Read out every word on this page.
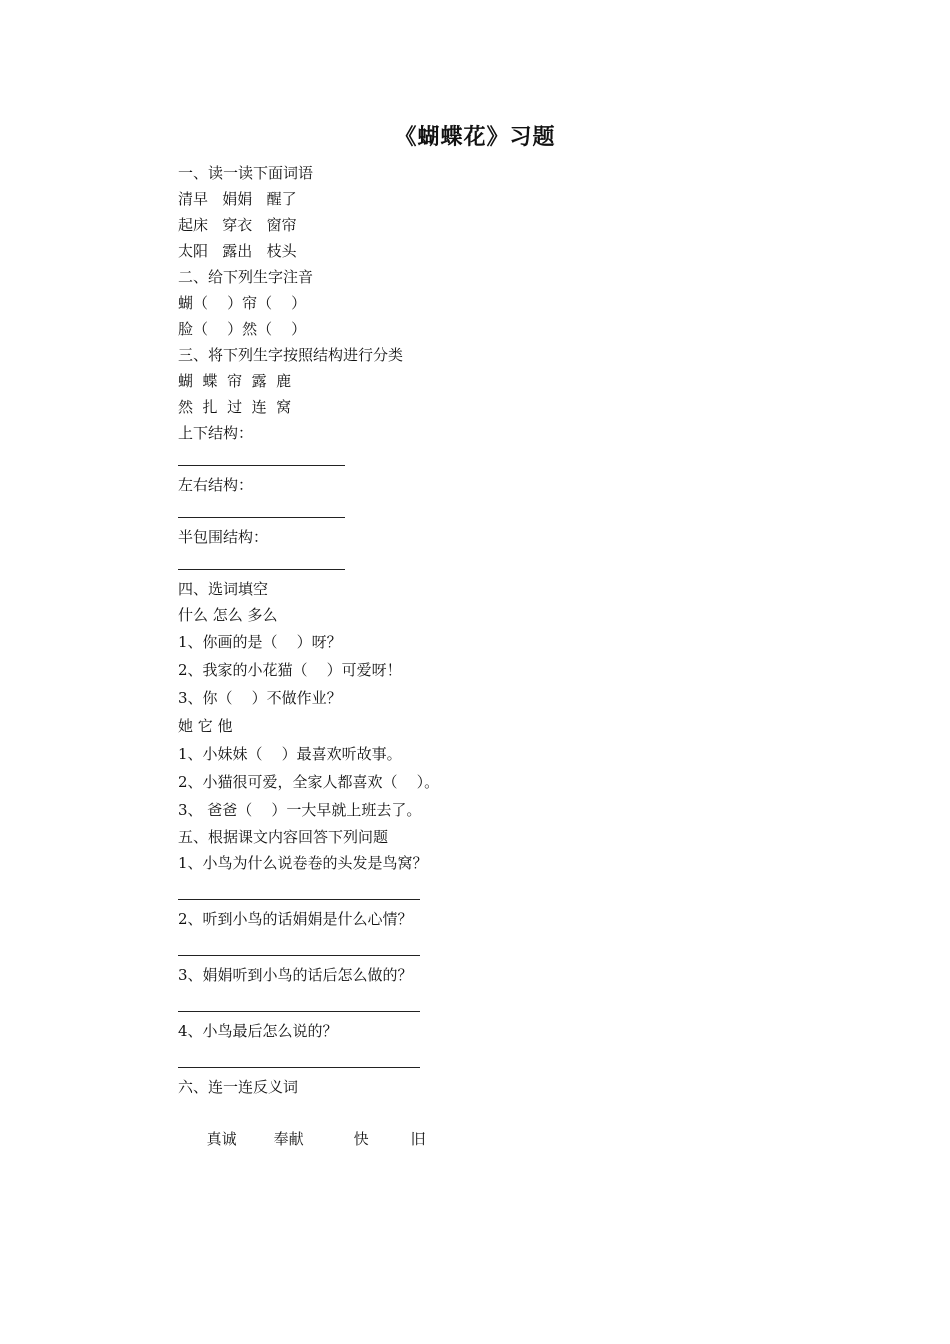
《蝴蝶花》习题
一、读一读下面词语
清早   娟娟   醒了
起床   穿衣   窗帘
太阳   露出   枝头
二、给下列生字注音
蝴（    ）帘（    ）
脸（    ）然（    ）
三、将下列生字按照结构进行分类
蝴  蝶  帘  露  鹿
然  扎  过  连  窝
上下结构：
左右结构：
半包围结构：
四、选词填空
什么 怎么 多么
1、你画的是（    ）呀？
2、我家的小花猫（    ）可爱呀！
3、你（    ）不做作业？
她 它 他
1、小妹妹（    ）最喜欢听故事。
2、小猫很可爱，全家人都喜欢（    ）。
3、 爸爸（    ）一大早就上班去了。
五、根据课文内容回答下列问题
1、小鸟为什么说卷卷的头发是鸟窝？
2、听到小鸟的话娟娟是什么心情？
3、娟娟听到小鸟的话后怎么做的？
4、小鸟最后怎么说的？
六、连一连反义词

真诚 奉献	快	旧
